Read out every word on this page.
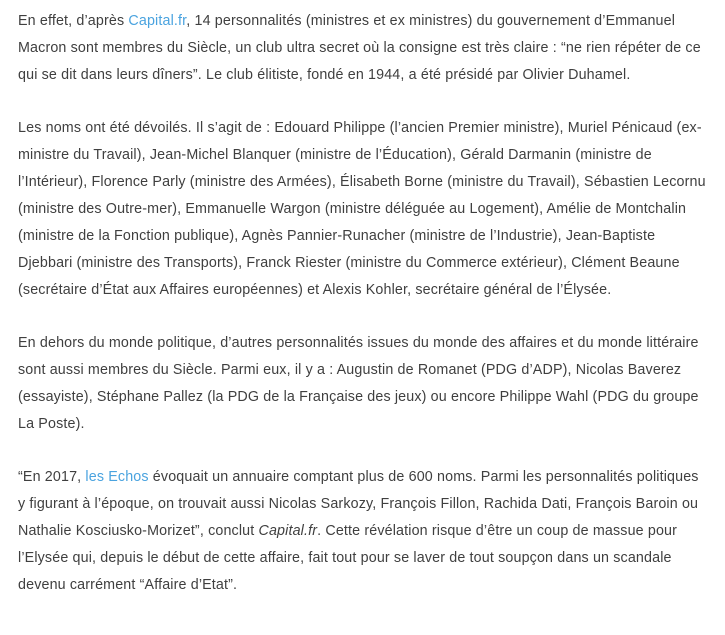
En effet, d’après Capital.fr, 14 personnalités (ministres et ex ministres) du gouvernement d’Emmanuel Macron sont membres du Siècle, un club ultra secret où la consigne est très claire : “ne rien répéter de ce qui se dit dans leurs dîners”. Le club élitiste, fondé en 1944, a été présidé par Olivier Duhamel.

Les noms ont été dévoilés. Il s’agit de : Edouard Philippe (l’ancien Premier ministre), Muriel Pénicaud (ex-ministre du Travail), Jean-Michel Blanquer (ministre de l’Éducation), Gérald Darmanin (ministre de l’Intérieur), Florence Parly (ministre des Armées), Élisabeth Borne (ministre du Travail), Sébastien Lecornu (ministre des Outre-mer), Emmanuelle Wargon (ministre déléguée au Logement), Amélie de Montchalin (ministre de la Fonction publique), Agnès Pannier-Runacher (ministre de l’Industrie), Jean-Baptiste Djebbari (ministre des Transports), Franck Riester (ministre du Commerce extérieur), Clément Beaune (secrétaire d’État aux Affaires européennes) et Alexis Kohler, secrétaire général de l’Élysée.

En dehors du monde politique, d’autres personnalités issues du monde des affaires et du monde littéraire sont aussi membres du Siècle. Parmi eux, il y a : Augustin de Romanet (PDG d’ADP), Nicolas Baverez (essayiste), Stéphane Pallez (la PDG de la Française des jeux) ou encore Philippe Wahl (PDG du groupe La Poste).

“En 2017, les Echos évoquait un annuaire comptant plus de 600 noms. Parmi les personnalités politiques y figurant à l’époque, on trouvait aussi Nicolas Sarkozy, François Fillon, Rachida Dati, François Baroin ou Nathalie Kosciusko-Morizet”, conclut Capital.fr. Cette révélation risque d’être un coup de massue pour l’Elysée qui, depuis le début de cette affaire, fait tout pour se laver de tout soupçon dans un scandale devenu carrément “Affaire d’Etat”.
